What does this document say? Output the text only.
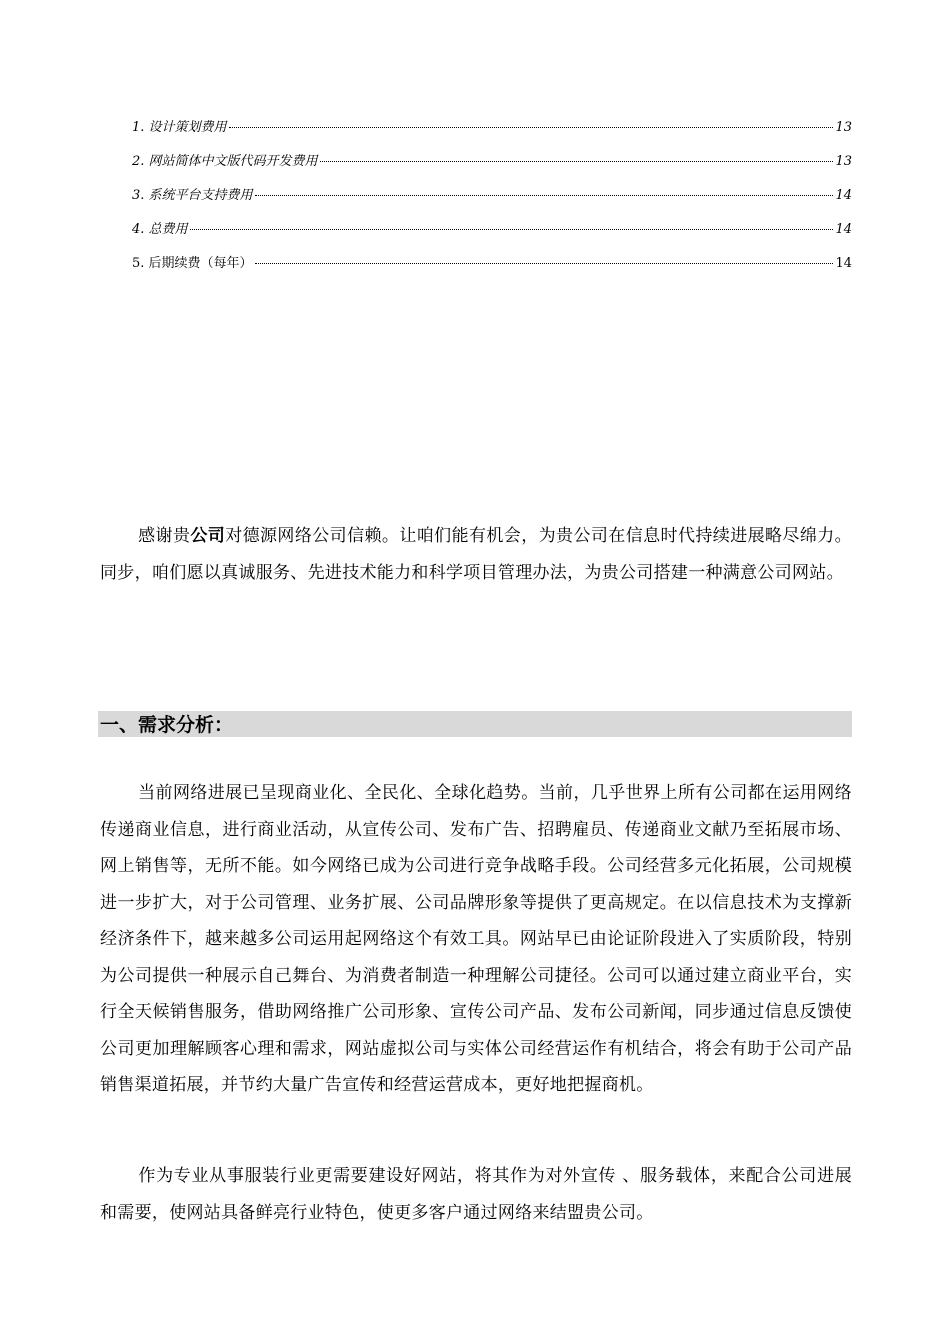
1. 设计策划费用	13
2. 网站简体中文版代码开发费用	13
3. 系统平台支持费用	14
4. 总费用	14
5. 后期续费（每年）	14

感谢贵公司对德源网络公司信赖。让咱们能有机会，为贵公司在信息时代持续进展略尽绵力。同步，咱们愿以真诚服务、先进技术能力和科学项目管理办法，为贵公司搭建一种满意公司网站。

一、需求分析：

当前网络进展已呈现商业化、全民化、全球化趋势。当前，几乎世界上所有公司都在运用网络传递商业信息，进行商业活动，从宣传公司、发布广告、招聘雇员、传递商业文献乃至拓展市场、网上销售等，无所不能。如今网络已成为公司进行竞争战略手段。公司经营多元化拓展，公司规模进一步扩大，对于公司管理、业务扩展、公司品牌形象等提供了更高规定。在以信息技术为支撑新经济条件下，越来越多公司运用起网络这个有效工具。网站早已由论证阶段进入了实质阶段，特别为公司提供一种展示自己舞台、为消费者制造一种理解公司捷径。公司可以通过建立商业平台，实行全天候销售服务，借助网络推广公司形象、宣传公司产品、发布公司新闻，同步通过信息反馈使公司更加理解顾客心理和需求，网站虚拟公司与实体公司经营运作有机结合，将会有助于公司产品销售渠道拓展，并节约大量广告宣传和经营运营成本，更好地把握商机。

作为专业从事服装行业更需要建设好网站，将其作为对外宣传 、服务载体，来配合公司进展和需要，使网站具备鲜亮行业特色，使更多客户通过网络来结盟贵公司。
